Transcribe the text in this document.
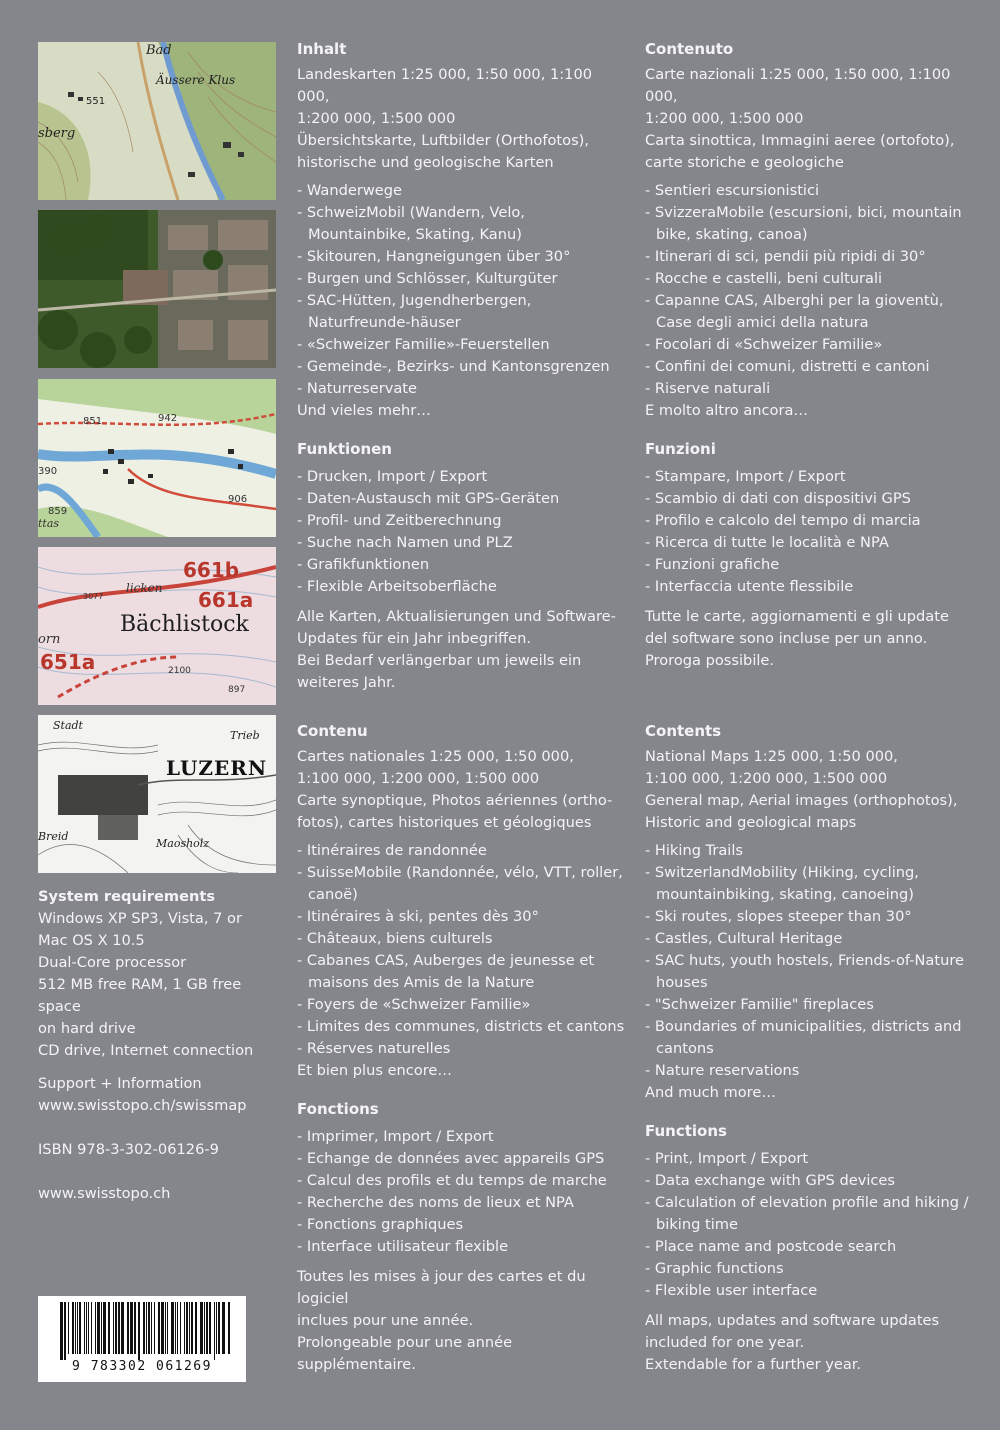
Bad
Äussere Klus
551
sberg
851	942
390
906
859
ttas
661b
661a
Bächlistock
651a
orn
licken
3077
2100
897
LUZERN
Stadt
Trieb
Breid
Maosholz
System requirements
Windows XP SP3, Vista, 7 or
Mac OS X 10.5
Dual-Core processor
512 MB free RAM, 1 GB free space
on hard drive
CD drive, Internet connection
Support + Information
www.swisstopo.ch/swissmap
ISBN 978-3-302-06126-9
www.swisstopo.ch
9 783302 061269
Inhalt

Landeskarten 1:25 000, 1:50 000, 1:100 000,

1:200 000, 1:500 000

Übersichtskarte, Luftbilder (Orthofotos),

historische und geologische Karten

- Wanderwege
- SchweizMobil (Wandern, Velo, Mountainbike, Skating, Kanu)
- Skitouren, Hangneigungen über 30°
- Burgen und Schlösser, Kulturgüter
- SAC-Hütten, Jugendherbergen, Naturfreunde-häuser
- «Schweizer Familie»-Feuerstellen
- Gemeinde-, Bezirks- und Kantonsgrenzen
- Naturreservate

Und vieles mehr…

Funktionen
- Drucken, Import / Export
- Daten-Austausch mit GPS-Geräten
- Profil- und Zeitberechnung
- Suche nach Namen und PLZ
- Grafikfunktionen
- Flexible Arbeitsoberfläche

Alle Karten, Aktualisierungen und Software-

Updates für ein Jahr inbegriffen.

Bei Bedarf verlängerbar um jeweils ein

weiteres Jahr.

Contenuto

Carte nazionali 1:25 000, 1:50 000, 1:100 000,

1:200 000, 1:500 000

Carta sinottica, Immagini aeree (ortofoto),

carte storiche e geologiche

- Sentieri escursionistici
- SvizzeraMobile (escursioni, bici, mountain bike, skating, canoa)
- Itinerari di sci, pendii più ripidi di 30°
- Rocche e castelli, beni culturali
- Capanne CAS, Alberghi per la gioventù, Case degli amici della natura
- Focolari di «Schweizer Familie»
- Confini dei comuni, distretti e cantoni
- Riserve naturali

E molto altro ancora…

Funzioni
- Stampare, Import / Export
- Scambio di dati con dispositivi GPS
- Profilo e calcolo del tempo di marcia
- Ricerca di tutte le località e NPA
- Funzioni grafiche
- Interfaccia utente flessibile

Tutte le carte, aggiornamenti e gli update

del software sono incluse per un anno.

Proroga possibile.

Contenu

Cartes nationales 1:25 000, 1:50 000,

1:100 000, 1:200 000, 1:500 000

Carte synoptique, Photos aériennes (ortho-

fotos), cartes historiques et géologiques

- Itinéraires de randonnée
- SuisseMobile (Randonnée, vélo, VTT, roller, canoë)
- Itinéraires à ski, pentes dès 30°
- Châteaux, biens culturels
- Cabanes CAS, Auberges de jeunesse et maisons des Amis de la Nature
- Foyers de «Schweizer Familie»
- Limites des communes, districts et cantons
- Réserves naturelles

Et bien plus encore…

Fonctions
- Imprimer, Import / Export
- Echange de données avec appareils GPS
- Calcul des profils et du temps de marche
- Recherche des noms de lieux et NPA
- Fonctions graphiques
- Interface utilisateur flexible

Toutes les mises à jour des cartes et du logiciel

inclues pour une année.

Prolongeable pour une année supplémentaire.

Contents

National Maps 1:25 000, 1:50 000,

1:100 000, 1:200 000, 1:500 000

General map, Aerial images (orthophotos),

Historic and geological maps

- Hiking Trails
- SwitzerlandMobility (Hiking, cycling, mountainbiking, skating, canoeing)
- Ski routes, slopes steeper than 30°
- Castles, Cultural Heritage
- SAC huts, youth hostels, Friends-of-Nature houses
- "Schweizer Familie" fireplaces
- Boundaries of municipalities, districts and cantons
- Nature reservations

And much more…

Functions
- Print, Import / Export
- Data exchange with GPS devices
- Calculation of elevation profile and hiking / biking time
- Place name and postcode search
- Graphic functions
- Flexible user interface

All maps, updates and software updates

included for one year.

Extendable for a further year.
